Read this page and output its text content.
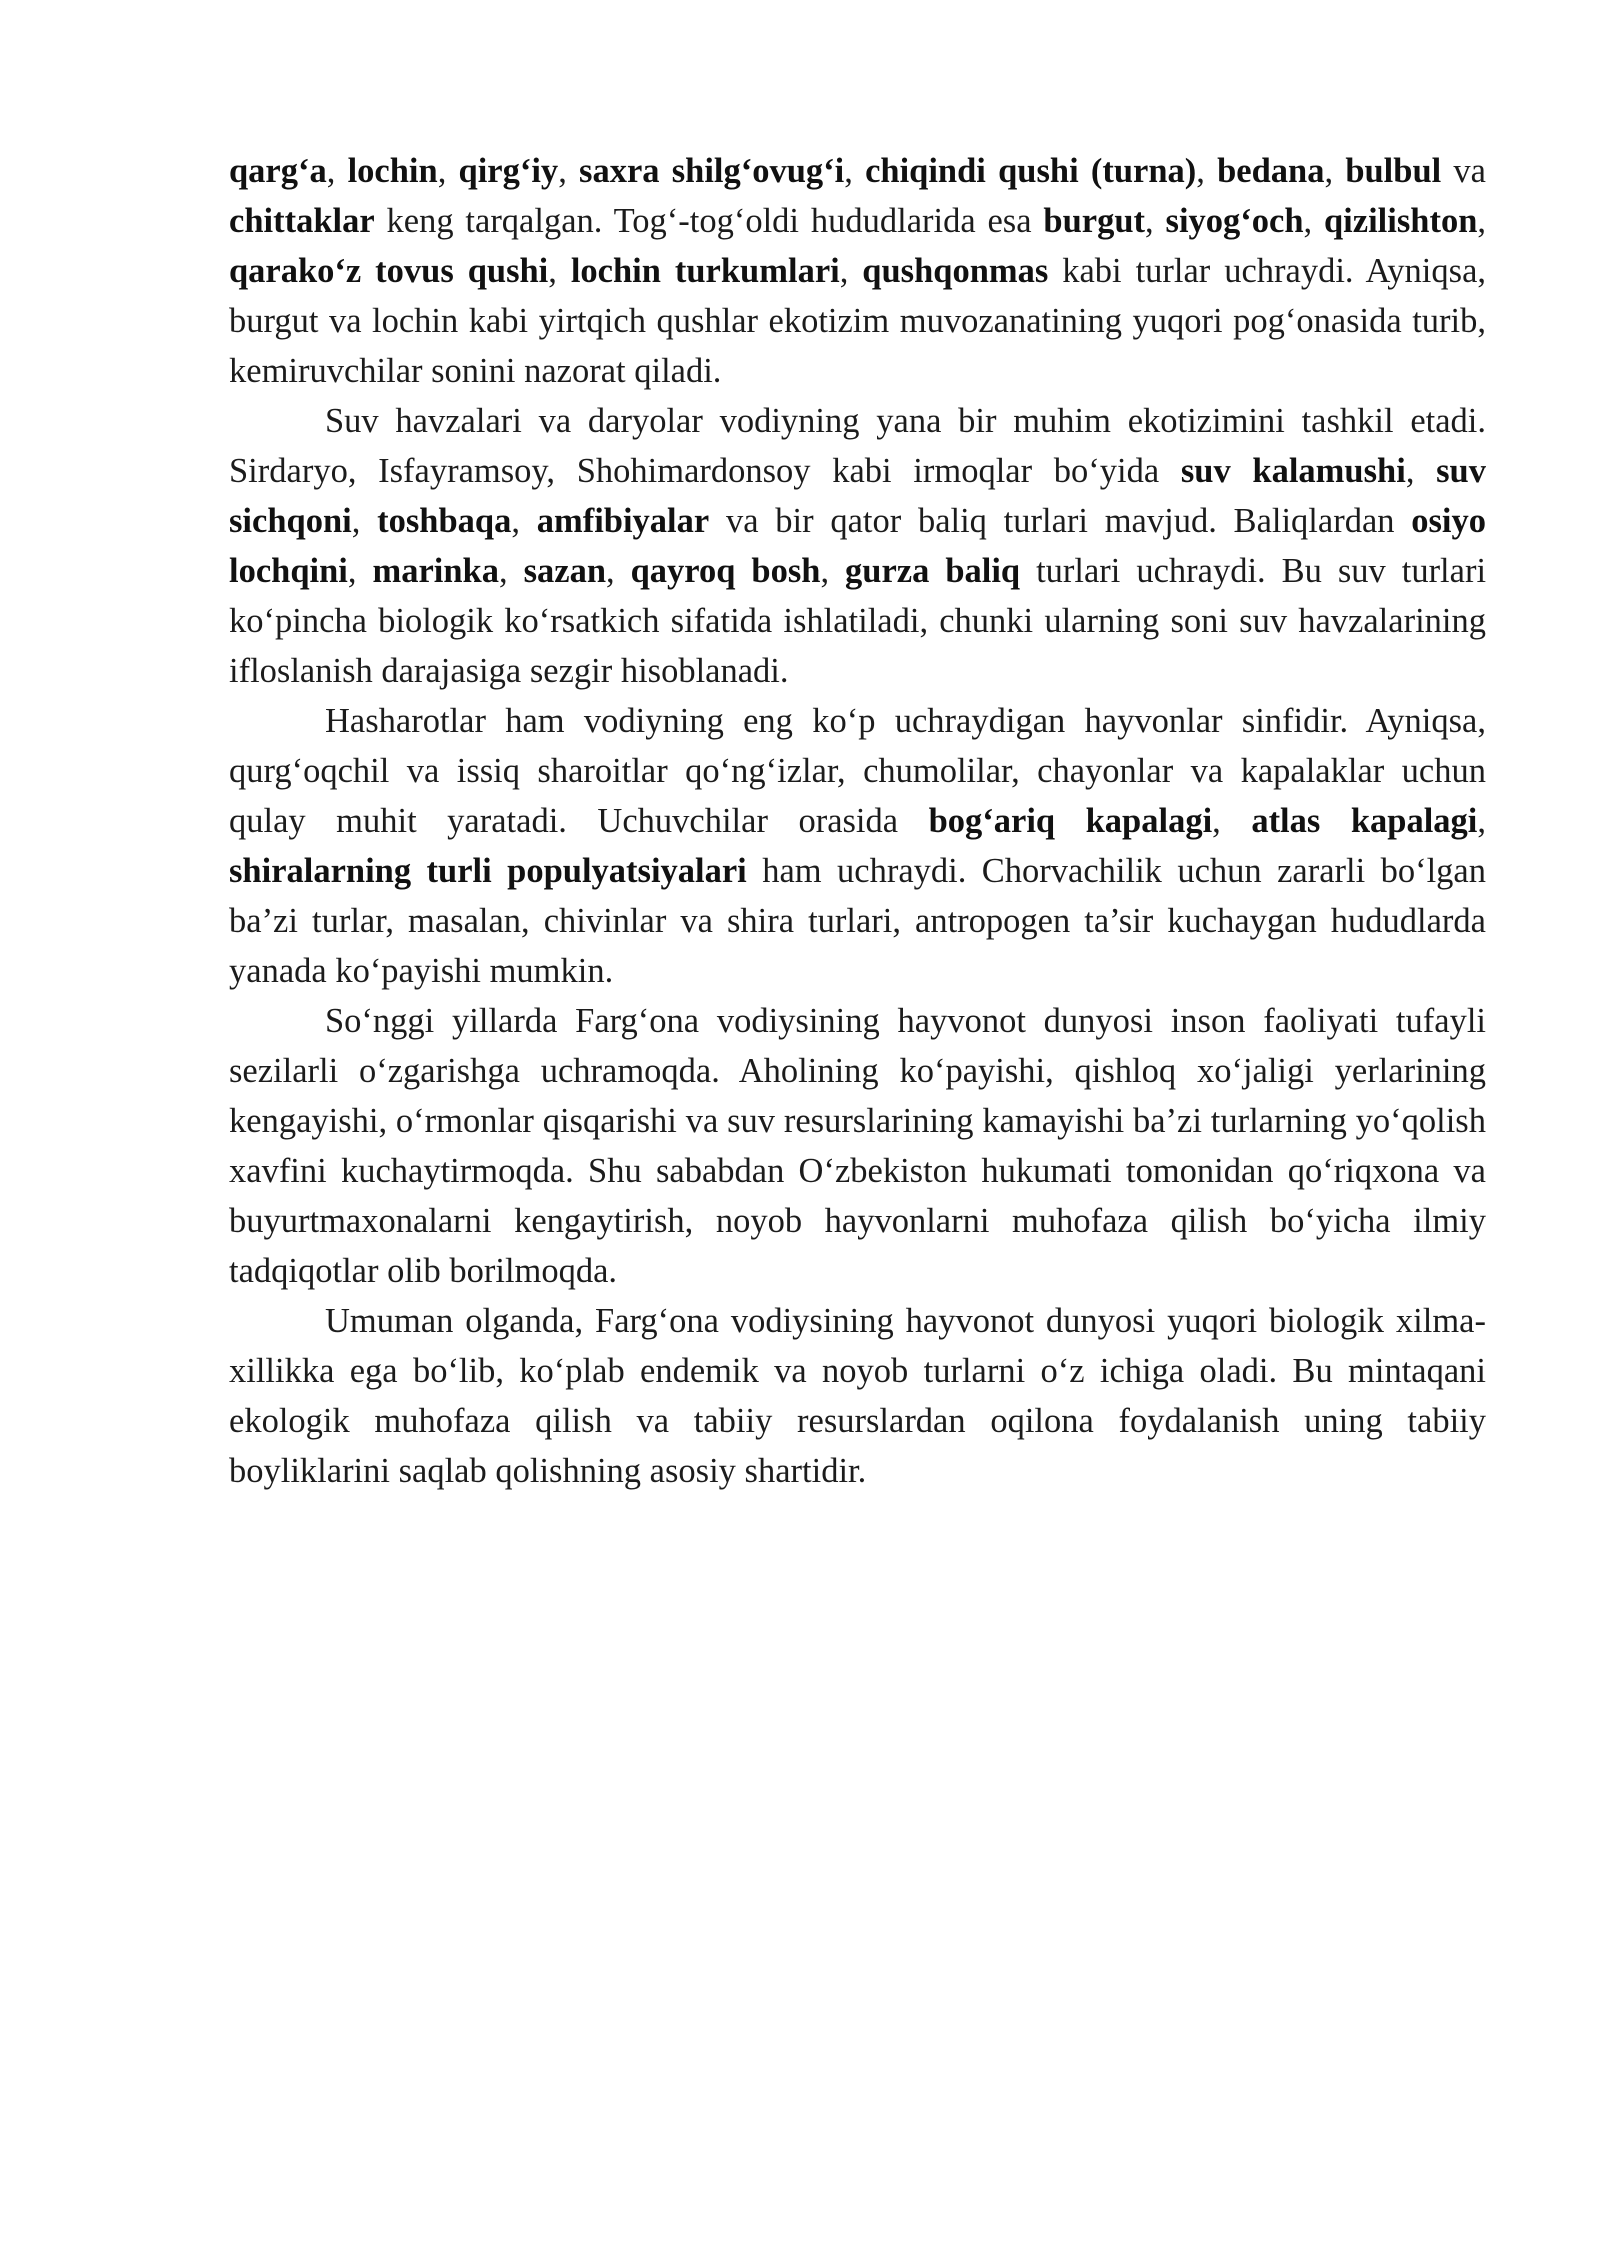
qarg‘a, lochin, qirg‘iy, saxra shilg‘ovug‘i, chiqindi qushi (turna), bedana, bulbul va chittaklar keng tarqalgan. Tog‘-tog‘oldi hududlarida esa burgut, siyog‘och, qizilishton, qarako‘z tovus qushi, lochin turkumlari, qushqonmas kabi turlar uchraydi. Ayniqsa, burgut va lochin kabi yirtqich qushlar ekotizim muvozanatining yuqori pog‘onasida turib, kemiruvchilar sonini nazorat qiladi.

Suv havzalari va daryolar vodiyning yana bir muhim ekotizimini tashkil etadi. Sirdaryo, Isfayramsoy, Shohimardonsoy kabi irmoqlar bo‘yida suv kalamushi, suv sichqoni, toshbaqa, amfibiyalar va bir qator baliq turlari mavjud. Baliqlardan osiyo lochqini, marinka, sazan, qayroq bosh, gurza baliq turlari uchraydi. Bu suv turlari ko‘pincha biologik ko‘rsatkich sifatida ishlatiladi, chunki ularning soni suv havzalarining ifloslanish darajasiga sezgir hisoblanadi.

Hasharotlar ham vodiyning eng ko‘p uchraydigan hayvonlar sinfidir. Ayniqsa, qurg‘oqchil va issiq sharoitlar qo‘ng‘izlar, chumolilar, chayonlar va kapalaklar uchun qulay muhit yaratadi. Uchuvchilar orasida bog‘ariq kapalagi, atlas kapalagi, shiralarning turli populyatsiyalari ham uchraydi. Chorvachilik uchun zararli bo‘lgan ba’zi turlar, masalan, chivinlar va shira turlari, antropogen ta’sir kuchaygan hududlarda yanada ko‘payishi mumkin.

So‘nggi yillarda Farg‘ona vodiysining hayvonot dunyosi inson faoliyati tufayli sezilarli o‘zgarishga uchramoqda. Aholining ko‘payishi, qishloq xo‘jaligi yerlarining kengayishi, o‘rmonlar qisqarishi va suv resurslarining kamayishi ba’zi turlarning yo‘qolish xavfini kuchaytirmoqda. Shu sababdan O‘zbekiston hukumati tomonidan qo‘riqxona va buyurtmaxonalarni kengaytirish, noyob hayvonlarni muhofaza qilish bo‘yicha ilmiy tadqiqotlar olib borilmoqda.

Umuman olganda, Farg‘ona vodiysining hayvonot dunyosi yuqori biologik xilma-xillikka ega bo‘lib, ko‘plab endemik va noyob turlarni o‘z ichiga oladi. Bu mintaqani ekologik muhofaza qilish va tabiiy resurslardan oqilona foydalanish uning tabiiy boyliklarini saqlab qolishning asosiy shartidir.
